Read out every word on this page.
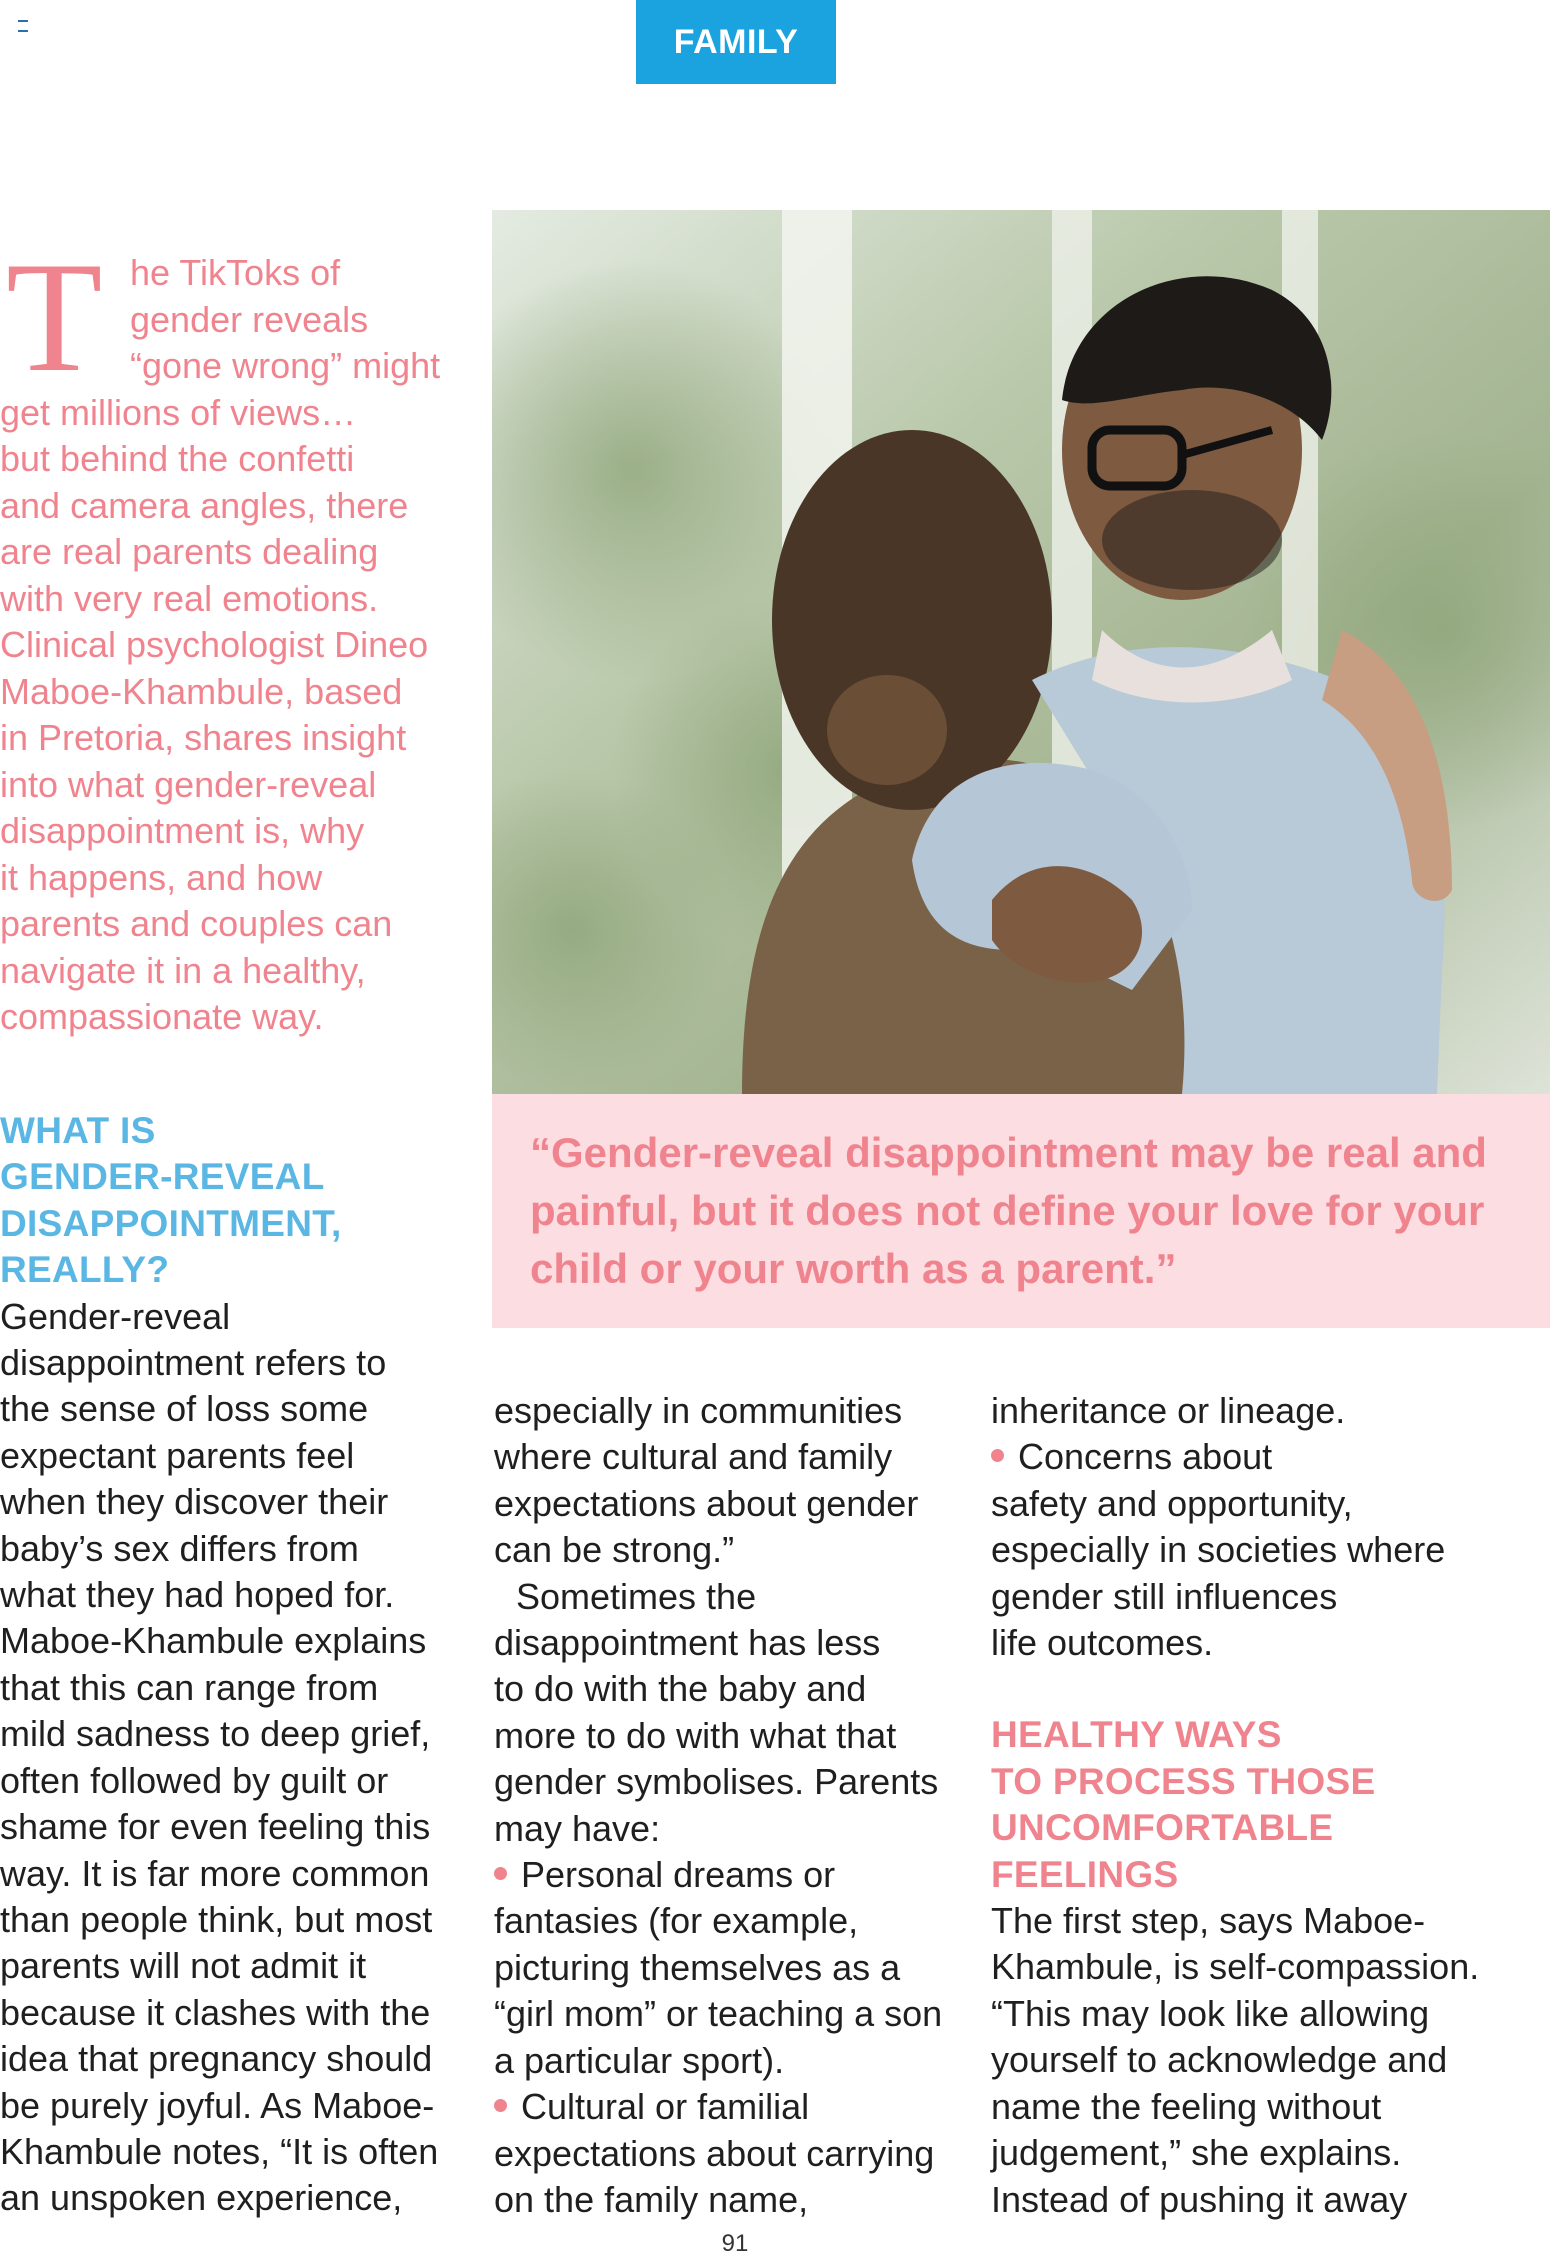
FAMILY
T he TikToks of
gender reveals
“gone wrong” might
get millions of views…
but behind the confetti
and camera angles, there
are real parents dealing
with very real emotions.
Clinical psychologist Dineo
Maboe-Khambule, based
in Pretoria, shares insight
into what gender-reveal
disappointment is, why
it happens, and how
parents and couples can
navigate it in a healthy,
compassionate way.
“Gender-reveal disappointment may be real and
painful, but it does not define your love for your
child or your worth as a parent.”
WHAT IS
GENDER-REVEAL
DISAPPOINTMENT,
REALLY?
Gender-reveal
disappointment refers to
the sense of loss some
expectant parents feel
when they discover their
baby’s sex differs from
what they had hoped for.
Maboe-Khambule explains
that this can range from
mild sadness to deep grief,
often followed by guilt or
shame for even feeling this
way. It is far more common
than people think, but most
parents will not admit it
because it clashes with the
idea that pregnancy should
be purely joyful. As Maboe-
Khambule notes, “It is often
an unspoken experience,
especially in communities
where cultural and family
expectations about gender
can be strong.”
Sometimes the
disappointment has less
to do with the baby and
more to do with what that
gender symbolises. Parents
may have:
Personal dreams or
fantasies (for example,
picturing themselves as a
“girl mom” or teaching a son
a particular sport).
Cultural or familial
expectations about carrying
on the family name,
inheritance or lineage.
Concerns about
safety and opportunity,
especially in societies where
gender still influences
life outcomes.
HEALTHY WAYS
TO PROCESS THOSE
UNCOMFORTABLE
FEELINGS
The first step, says Maboe-
Khambule, is self-compassion.
“This may look like allowing
yourself to acknowledge and
name the feeling without
judgement,” she explains.
Instead of pushing it away
91
